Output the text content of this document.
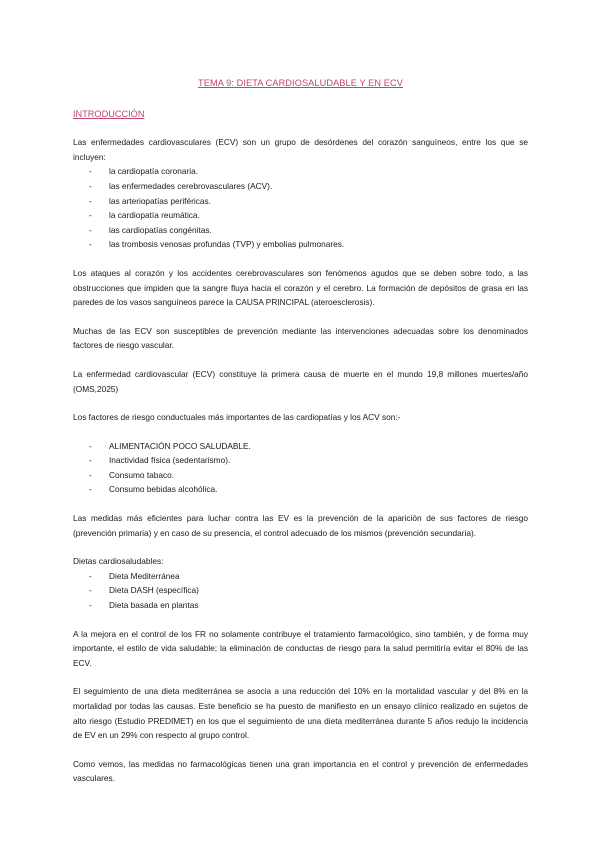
TEMA 9: DIETA CARDIOSALUDABLE Y EN ECV
INTRODUCCIÓN

Las enfermedades cardiovasculares (ECV) son un grupo de desórdenes del corazón sanguíneos, entre los que se incluyen:

- la cardiopatía coronaria.
- las enfermedades cerebrovasculares (ACV).
- las arteriopatías periféricas.
- la cardiopatía reumática.
- las cardiopatías congénitas.
- las trombosis venosas profundas (TVP) y embolias pulmonares.

Los ataques al corazón y los accidentes cerebrovasculares son fenómenos agudos que se deben sobre todo, a las obstrucciones que impiden que la sangre fluya hacia el corazón y el cerebro. La formación de depósitos de grasa en las paredes de los vasos sanguíneos parece la CAUSA PRINCIPAL (ateroesclerosis).

Muchas de las ECV son susceptibles de prevención mediante las intervenciones adecuadas sobre los denominados factores de riesgo vascular.

La enfermedad cardiovascular (ECV) constituye la primera causa de muerte en el mundo 19,8 millones muertes/año (OMS,2025)

Los factores de riesgo conductuales más importantes de las cardiopatías y los ACV son:-

- ALIMENTACIÓN POCO SALUDABLE.
- Inactividad física (sedentarismo).
- Consumo tabaco.
- Consumo bebidas alcohólica.

Las medidas más eficientes para luchar contra las EV es la prevención de la aparición de sus factores de riesgo (prevención primaria) y en caso de su presencia, el control adecuado de los mismos (prevención secundaria).

Dietas cardiosaludables:

- Dieta Mediterránea
- Dieta DASH (específica)
- Dieta basada en plantas

A la mejora en el control de los FR no solamente contribuye el tratamiento farmacológico, sino también, y de forma muy importante, el estilo de vida saludable; la eliminación de conductas de riesgo para la salud permitiría evitar el 80% de las ECV.

El seguimiento de una dieta mediterránea se asocia a una reducción del 10% en la mortalidad vascular y del 8% en la mortalidad por todas las causas. Este beneficio se ha puesto de manifiesto en un ensayo clínico realizado en sujetos de alto riesgo (Estudio PREDIMET) en los que el seguimiento de una dieta mediterránea durante 5 años redujo la incidencia de EV en un 29% con respecto al grupo control.

Como vemos, las medidas no farmacológicas tienen una gran importancia en el control y prevención de enfermedades vasculares.
